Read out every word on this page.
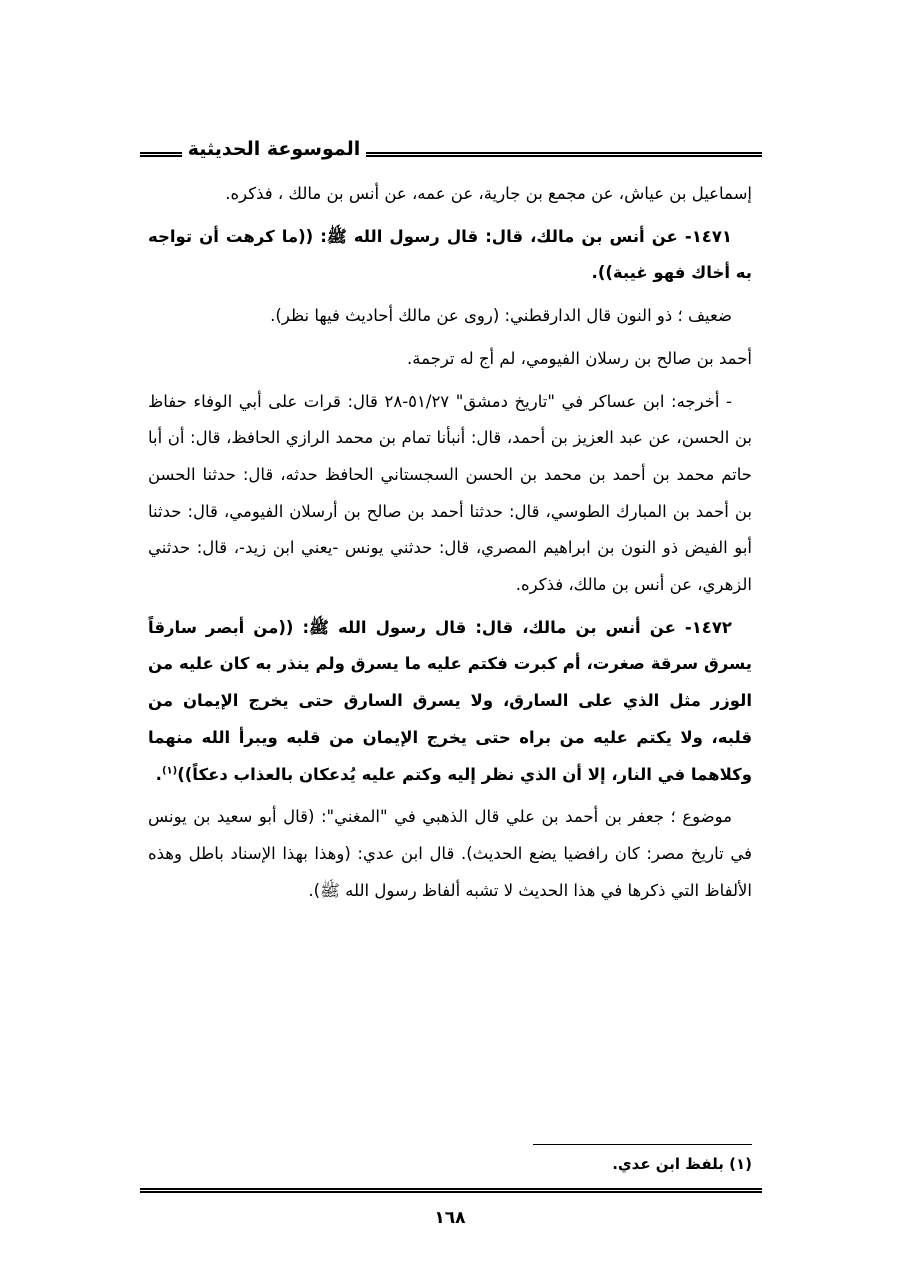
الموسوعة الحديثية

إسماعيل بن عياش، عن مجمع بن جارية، عن عمه، عن أنس بن مالك ، فذكره.

١٤٧١- عن أنس بن مالك، قال: قال رسول الله ﷺ: ((ما كرهت أن تواجه به أخاك فهو غيبة)).

ضعيف ؛ ذو النون قال الدارقطني: (روى عن مالك أحاديث فيها نظر).

أحمد بن صالح بن رسلان الفيومي، لم أج له ترجمة.

- أخرجه: ابن عساكر في "تاريخ دمشق" ٥١/٢٧-٢٨ قال: قرات على أبي الوفاء حفاظ بن الحسن، عن عبد العزيز بن أحمد، قال: أنبأنا تمام بن محمد الرازي الحافظ، قال: أن أبا حاتم محمد بن أحمد بن محمد بن الحسن السجستاني الحافظ حدثه، قال: حدثنا الحسن بن أحمد بن المبارك الطوسي، قال: حدثنا أحمد بن صالح بن أرسلان الفيومي، قال: حدثنا أبو الفيض ذو النون بن ابراهيم المصري، قال: حدثني يونس -يعني ابن زيد-، قال: حدثني الزهري، عن أنس بن مالك، فذكره.

١٤٧٢- عن أنس بن مالك، قال: قال رسول الله ﷺ: ((من أبصر سارقاً يسرق سرقة صغرت، أم كبرت فكتم عليه ما يسرق ولم ينذر به كان عليه من الوزر مثل الذي على السارق، ولا يسرق السارق حتى يخرج الإيمان من قلبه، ولا يكتم عليه من براه حتى يخرج الإيمان من قلبه ويبرأ الله منهما وكلاهما في النار، إلا أن الذي نظر إليه وكتم عليه يُدعكان بالعذاب دعكاً))$^{(١)}$.

موضوع ؛ جعفر بن أحمد بن علي قال الذهبي في "المغني": (قال أبو سعيد بن يونس في تاريخ مصر: كان رافضيا يضع الحديث). قال ابن عدي: (وهذا بهذا الإسناد باطل وهذه الألفاظ التي ذكرها في هذا الحديث لا تشبه ألفاظ رسول الله ﷺ).

(١) بلفظ ابن عدي.
١٦٨
